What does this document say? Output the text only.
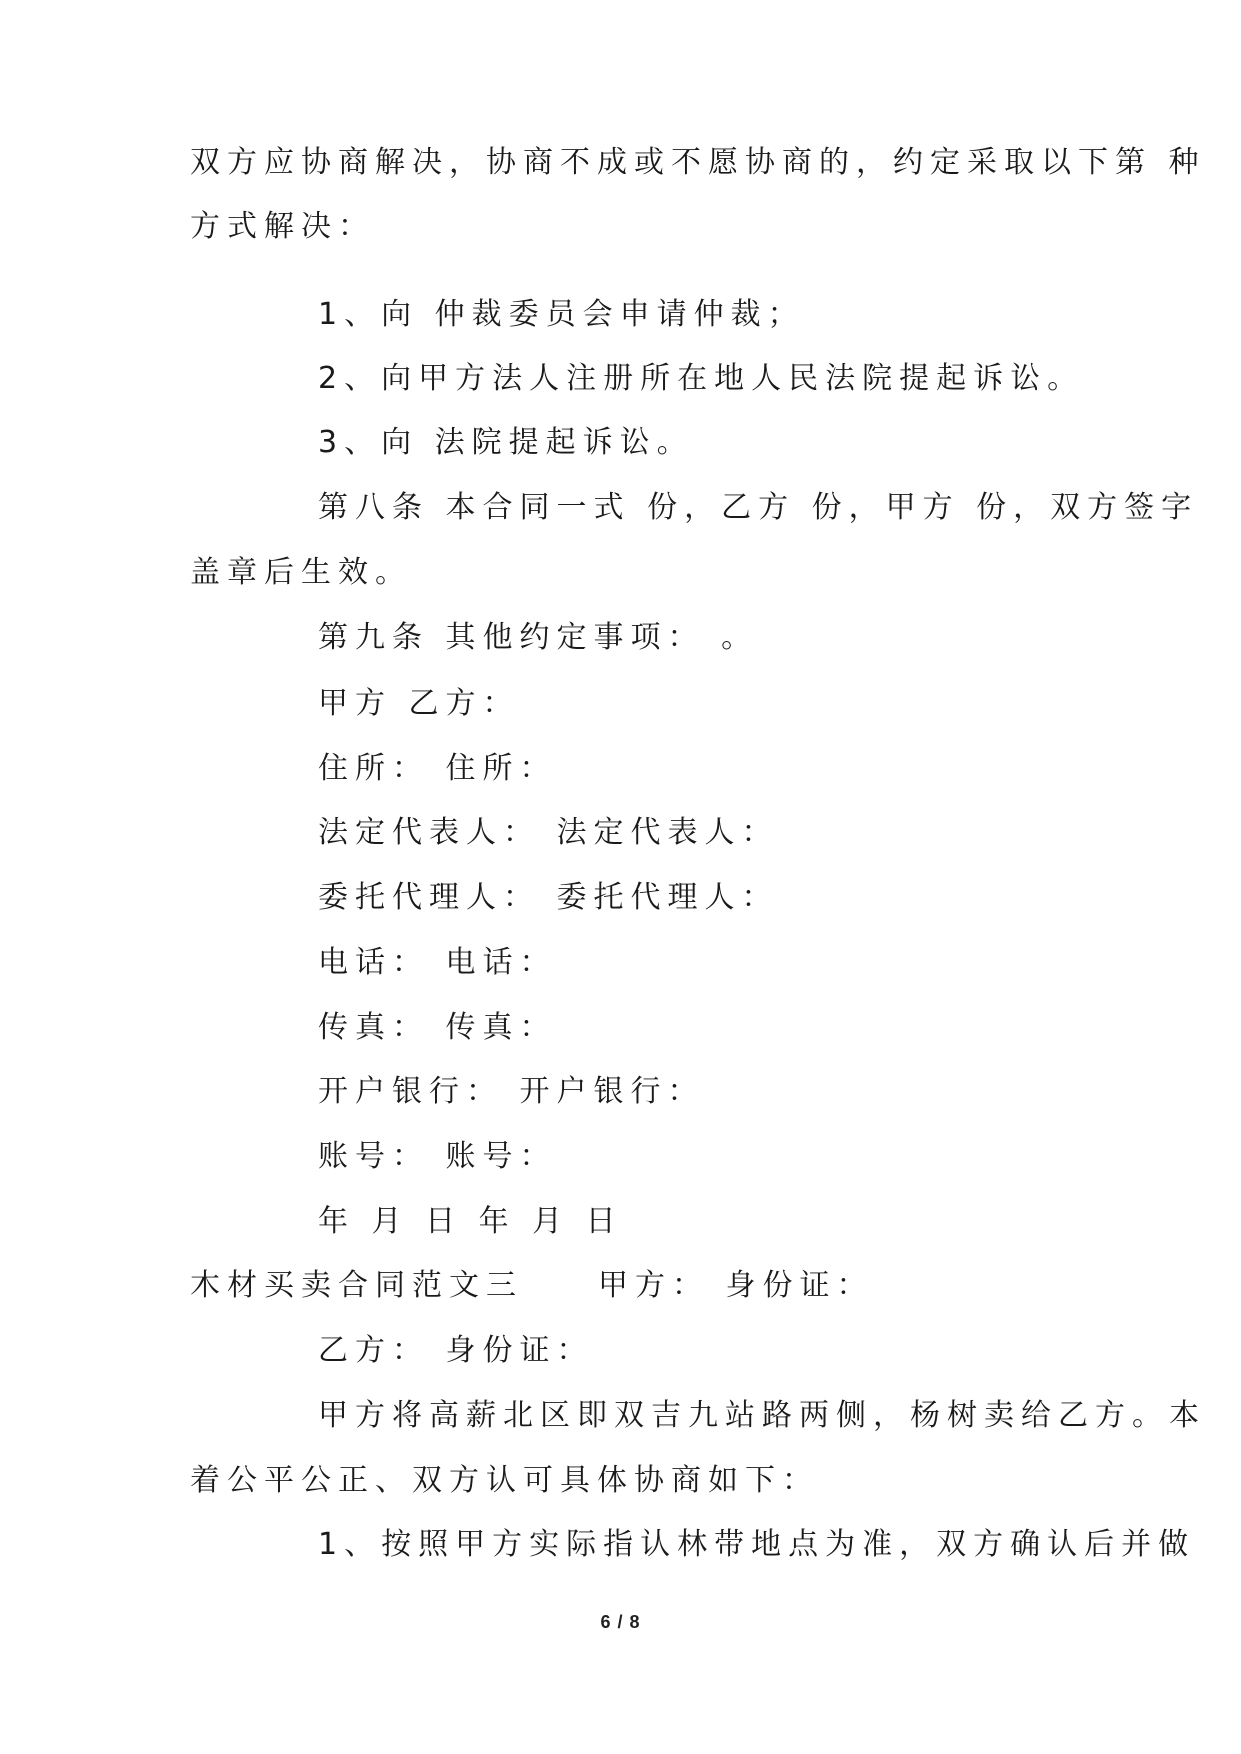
双方应协商解决，协商不成或不愿协商的，约定采取以下第 种
方式解决：
1、向 仲裁委员会申请仲裁；
2、向甲方法人注册所在地人民法院提起诉讼。
3、向 法院提起诉讼。
第八条 本合同一式 份，乙方 份，甲方 份，双方签字
盖章后生效。
第九条 其他约定事项： 。
甲方 乙方：
住所： 住所：
法定代表人： 法定代表人：
委托代理人： 委托代理人：
电话： 电话：
传真： 传真：
开户银行： 开户银行：
账号： 账号：
年 月 日 年 月 日
木材买卖合同范文三	甲方： 身份证：
乙方： 身份证：
甲方将高薪北区即双吉九站路两侧，杨树卖给乙方。本
着公平公正、双方认可具体协商如下：
1、按照甲方实际指认林带地点为准，双方确认后并做
6 / 8
